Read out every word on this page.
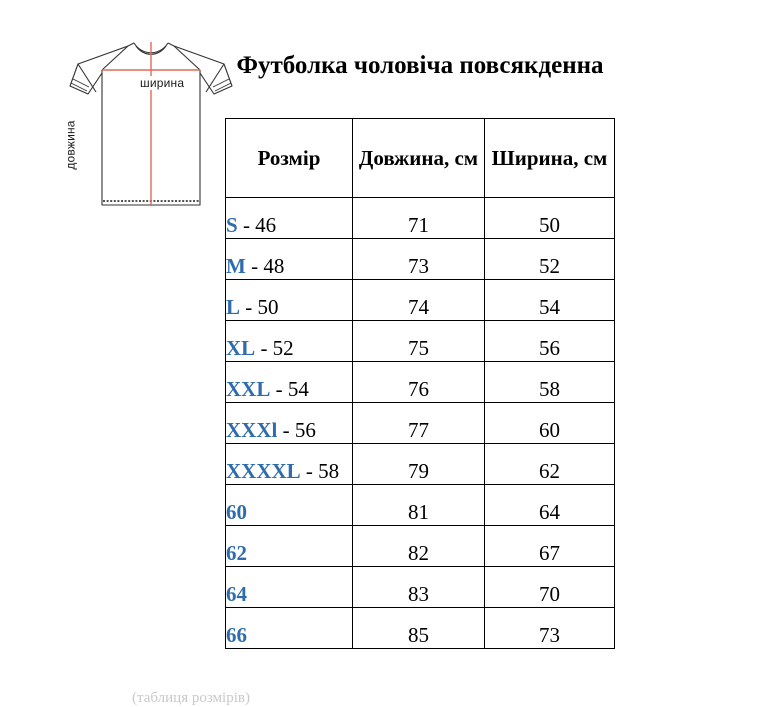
ширина
довжина
Футболка чоловіча повсякденна
Розмір	Довжина, см	Ширина, см
S - 46	71	50
M - 48	73	52
L - 50	74	54
XL - 52	75	56
XXL - 54	76	58
XXXl - 56	77	60
XXXXL - 58	79	62
60	81	64
62	82	67
64	83	70
66	85	73
(таблиця розмірів)
